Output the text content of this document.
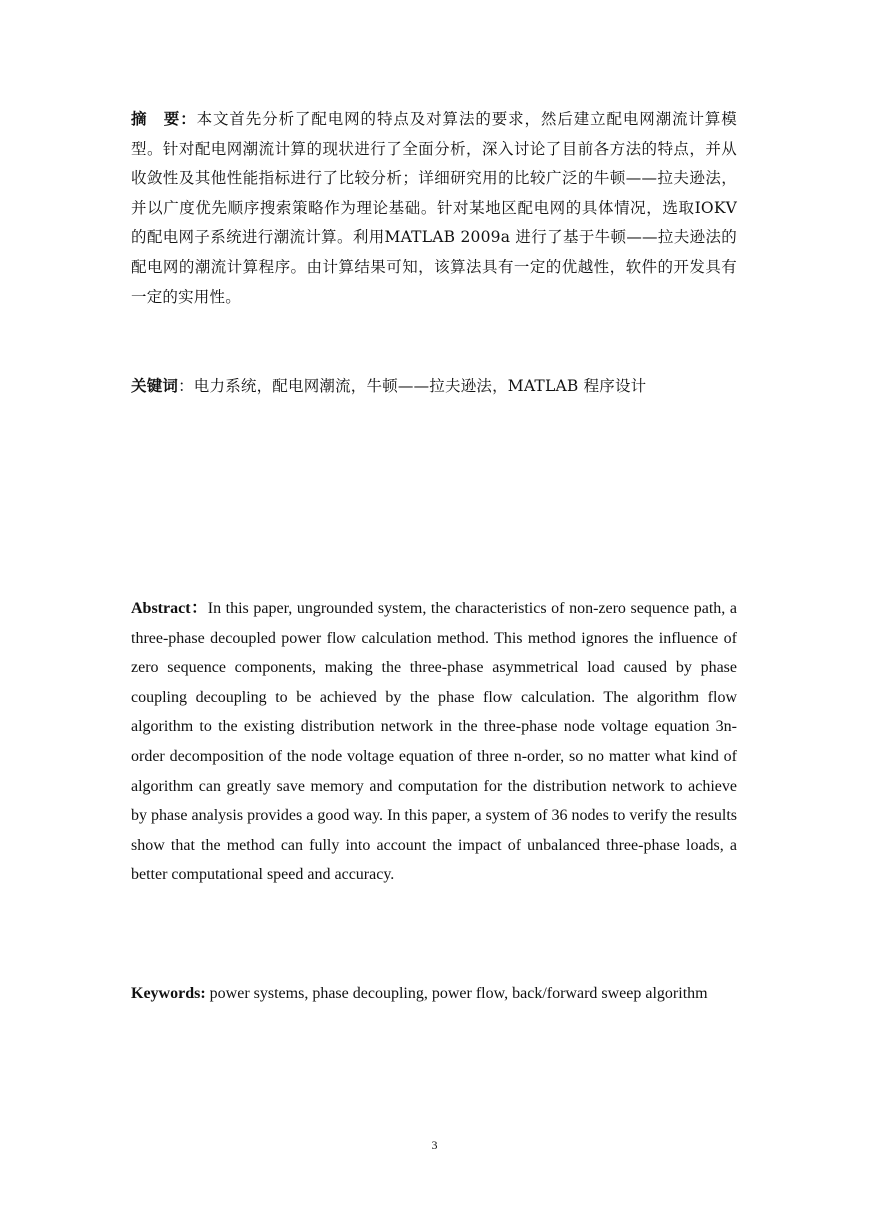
摘　要：本文首先分析了配电网的特点及对算法的要求，然后建立配电网潮流计算模型。针对配电网潮流计算的现状进行了全面分析，深入讨论了目前各方法的特点，并从收敛性及其他性能指标进行了比较分析；详细研究用的比较广泛的牛顿——拉夫逊法，并以广度优先顺序搜索策略作为理论基础。针对某地区配电网的具体情况，选取IOKV的配电网子系统进行潮流计算。利用MATLAB 2009a 进行了基于牛顿——拉夫逊法的配电网的潮流计算程序。由计算结果可知，该算法具有一定的优越性，软件的开发具有一定的实用性。
关键词：电力系统，配电网潮流，牛顿——拉夫逊法，MATLAB 程序设计
Abstract：In this paper, ungrounded system, the characteristics of non-zero sequence path, a three-phase decoupled power flow calculation method. This method ignores the influence of zero sequence components, making the three-phase asymmetrical load caused by phase coupling decoupling to be achieved by the phase flow calculation. The algorithm flow algorithm to the existing distribution network in the three-phase node voltage equation 3n-order decomposition of the node voltage equation of three n-order, so no matter what kind of algorithm can greatly save memory and computation for the distribution network to achieve by phase analysis provides a good way. In this paper, a system of 36 nodes to verify the results show that the method can fully into account the impact of unbalanced three-phase loads, a better computational speed and accuracy.
Keywords: power systems, phase decoupling, power flow, back/forward sweep algorithm
3
